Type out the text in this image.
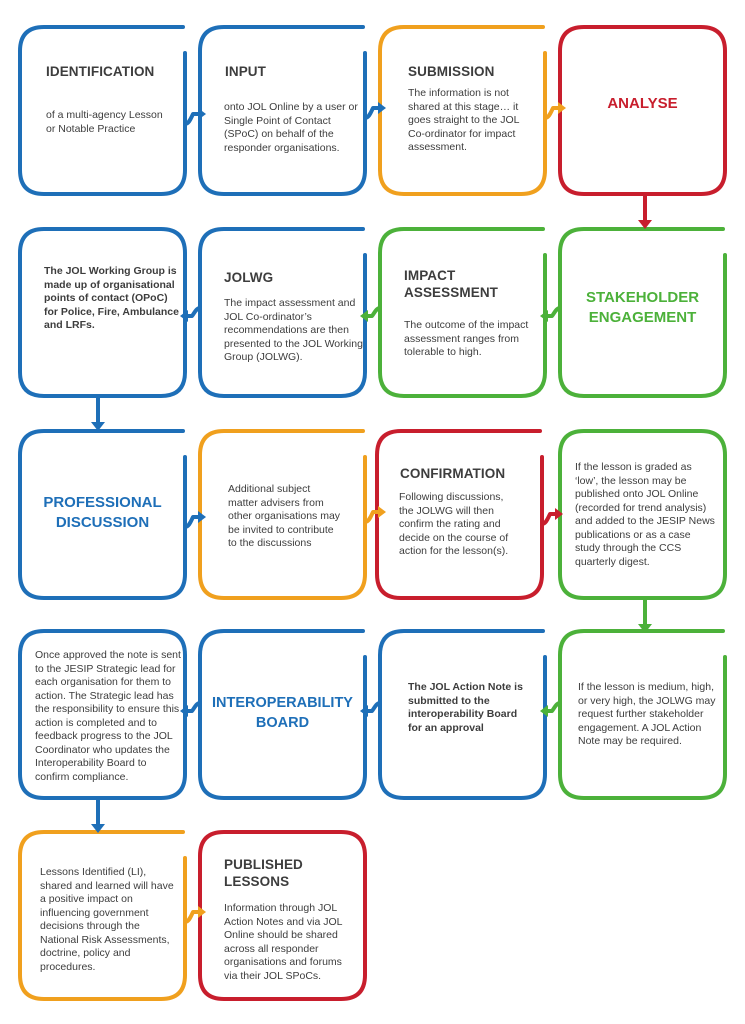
IDENTIFICATION
of a multi-agency Lesson
or Notable Practice
INPUT
onto JOL Online by a user or
Single Point of Contact
(SPoC) on behalf of the
responder organisations.
SUBMISSION
The information is not
shared at this stage… it
goes straight to the JOL
Co-ordinator for impact
assessment.
ANALYSE
The JOL Working Group is
made up of organisational
points of contact (OPoC)
for Police, Fire, Ambulance
and LRFs.
JOLWG
The impact assessment and
JOL Co-ordinator’s
recommendations are then
presented to the JOL Working
Group (JOLWG).
IMPACT
ASSESSMENT
The outcome of the impact
assessment ranges from
tolerable to high.
STAKEHOLDER
ENGAGEMENT
PROFESSIONAL
DISCUSSION
Additional subject
matter advisers from
other organisations may
be invited to contribute
to the discussions
CONFIRMATION
Following discussions,
the JOLWG will then
confirm the rating and
decide on the course of
action for the lesson(s).
If the lesson is graded as
‘low’, the lesson may be
published onto JOL Online
(recorded for trend analysis)
and added to the JESIP News
publications or as a case
study through the CCS
quarterly digest.
Once approved the note is sent
to the JESIP Strategic lead for
each organisation for them to
action. The Strategic lead has
the responsibility to ensure this
action is completed and to
feedback progress to the JOL
Coordinator who updates the
Interoperability Board to
confirm compliance.
INTEROPERABILITY
BOARD
The JOL Action Note is
submitted to the
interoperability Board
for an approval
If the lesson is medium, high,
or very high, the JOLWG may
request further stakeholder
engagement. A JOL Action
Note may be required.
Lessons Identified (LI),
shared and learned will have
a positive impact on
influencing government
decisions through the
National Risk Assessments,
doctrine, policy and
procedures.
PUBLISHED
LESSONS
Information through JOL
Action Notes and via JOL
Online should be shared
across all responder
organisations and forums
via their JOL SPoCs.
